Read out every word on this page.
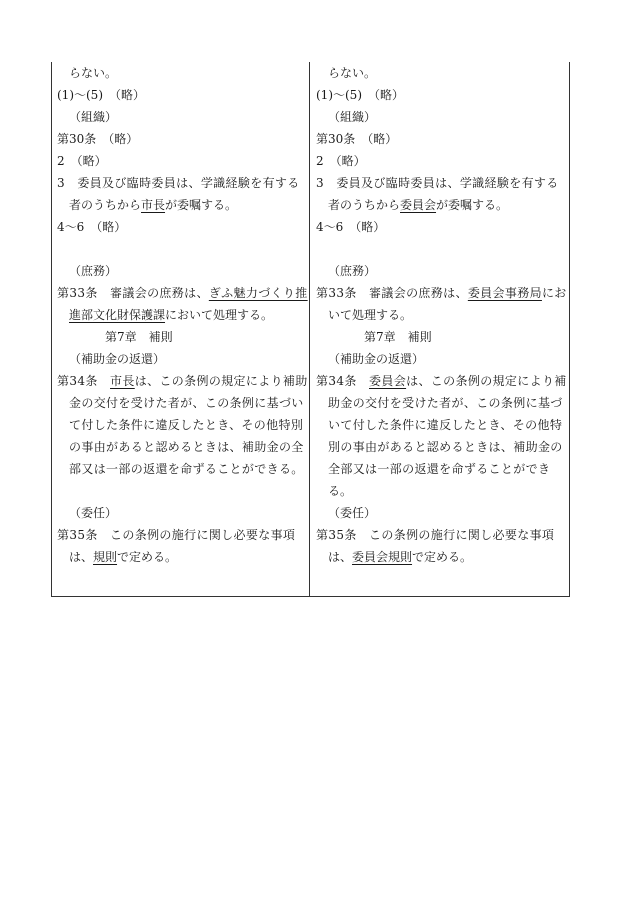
らない。
(1)～(5)　（略）
（組織）
第30条　（略）
2　（略）
3　委員及び臨時委員は、学識経験を有する
者のうちから市長が委嘱する。
4～6　（略）
（庶務）
第33条　審議会の庶務は、ぎふ魅力づくり推
進部文化財保護課において処理する。
第7章　補則
（補助金の返還）
第34条　市長は、この条例の規定により補助
金の交付を受けた者が、この条例に基づい
て付した条件に違反したとき、その他特別
の事由があると認めるときは、補助金の全
部又は一部の返還を命ずることができる。
（委任）
第35条　この条例の施行に関し必要な事項
は、規則で定める。
らない。
(1)～(5)　（略）
（組織）
第30条　（略）
2　（略）
3　委員及び臨時委員は、学識経験を有する
者のうちから委員会が委嘱する。
4～6　（略）
（庶務）
第33条　審議会の庶務は、委員会事務局にお
いて処理する。
第7章　補則
（補助金の返還）
第34条　委員会は、この条例の規定により補
助金の交付を受けた者が、この条例に基づ
いて付した条件に違反したとき、その他特
別の事由があると認めるときは、補助金の
全部又は一部の返還を命ずることができ
る。
（委任）
第35条　この条例の施行に関し必要な事項
は、委員会規則で定める。
